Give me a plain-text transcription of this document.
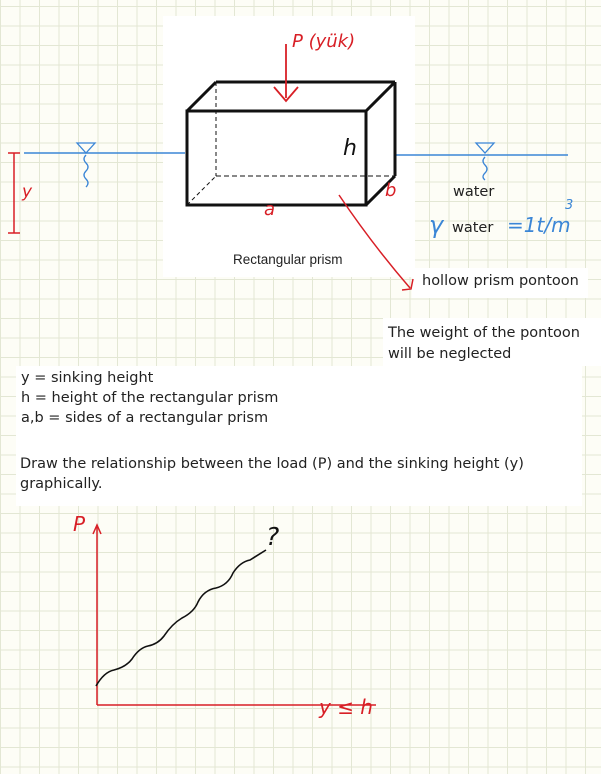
P (yük)
h
a
b
y
Rectangular prism
water
γ water =1t/m
3
hollow prism pontoon
The weight of the pontoon will be neglected
y = sinking height
h = height of the rectangular prism
a,b = sides of a rectangular prism
Draw the relationship between the load (P) and the sinking height (y) graphically.
P
y ≤ h
?
